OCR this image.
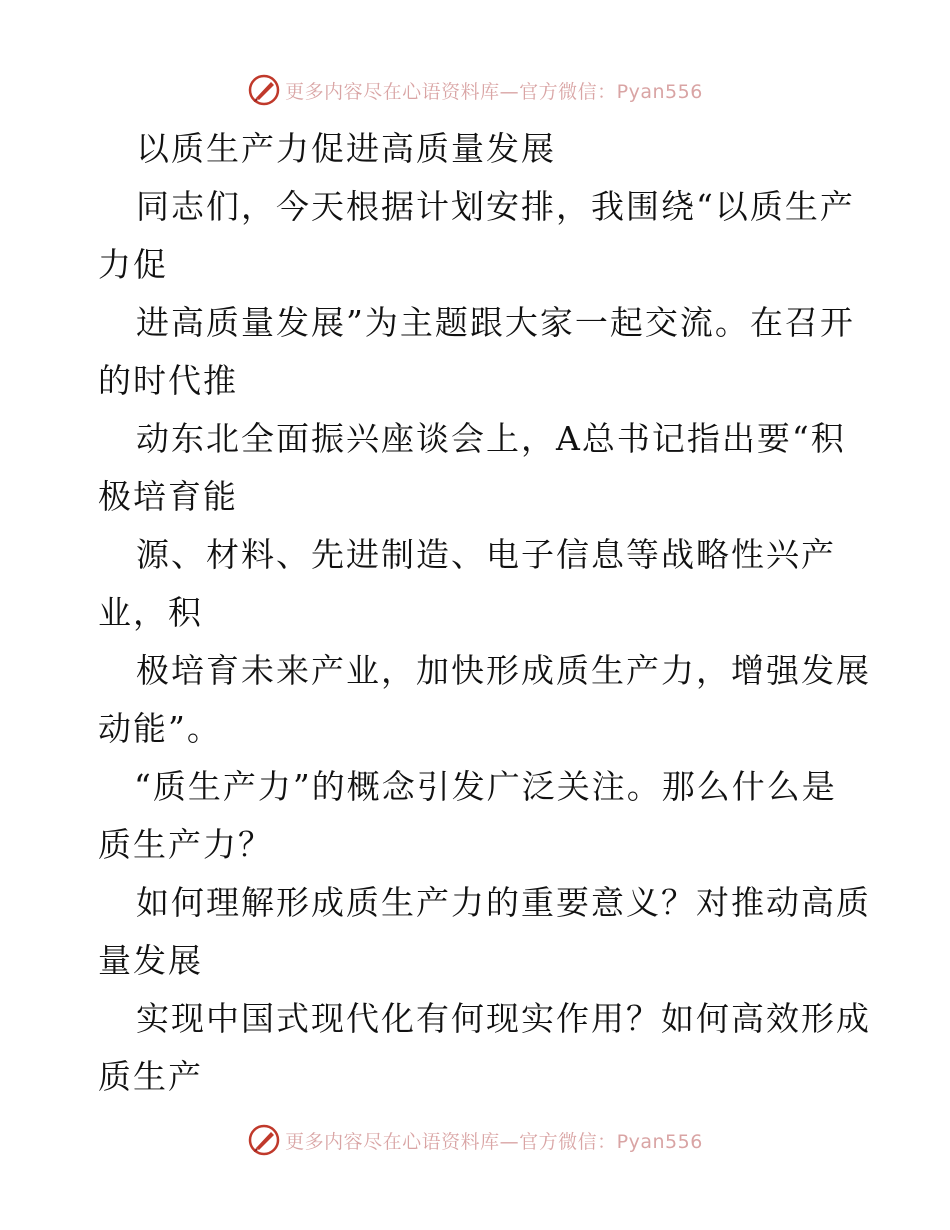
更多内容尽在心语资料库—官方微信：Pyan556
以质生产力促进高质量发展
同志们，今天根据计划安排，我围绕“以质生产
力促
进高质量发展”为主题跟大家一起交流。在召开
的时代推
动东北全面振兴座谈会上，A总书记指出要“积
极培育能
源、材料、先进制造、电子信息等战略性兴产
业，积
极培育未来产业，加快形成质生产力，增强发展
动能”。
“质生产力”的概念引发广泛关注。那么什么是
质生产力？
如何理解形成质生产力的重要意义？对推动高质
量发展
实现中国式现代化有何现实作用？如何高效形成
质生产
更多内容尽在心语资料库—官方微信：Pyan556
